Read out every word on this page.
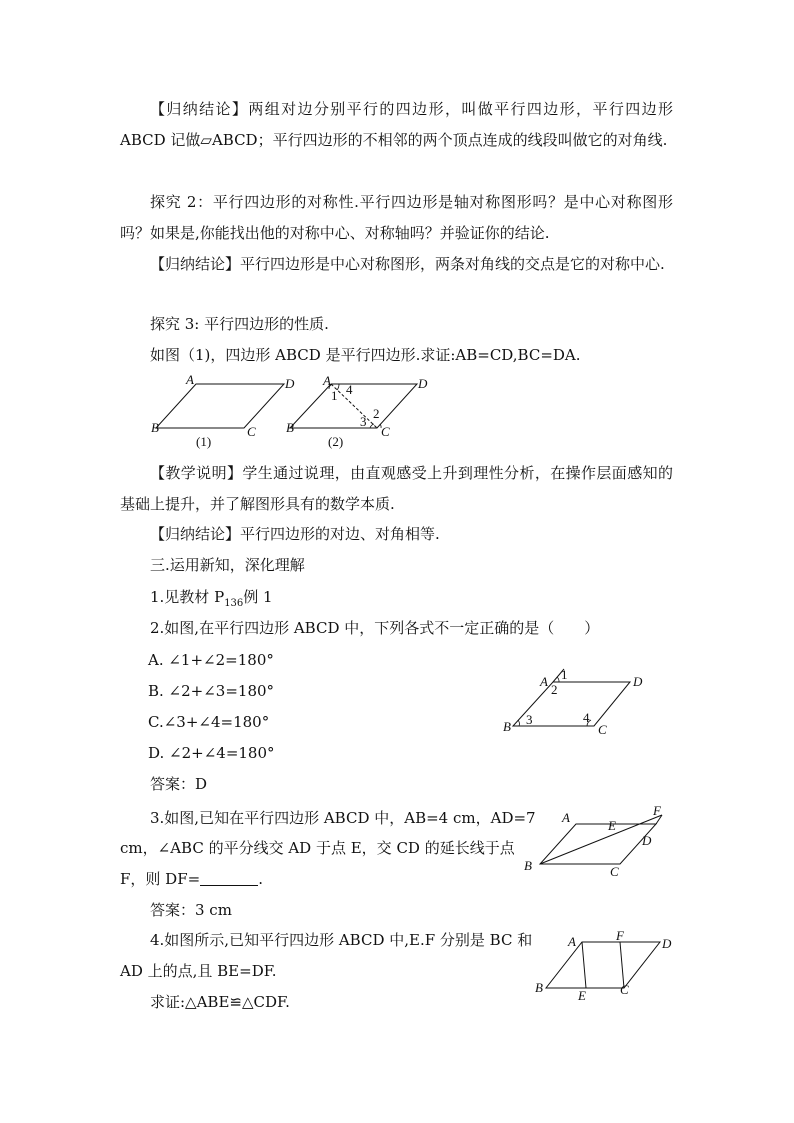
【归纳结论】两组对边分别平行的四边形，叫做平行四边形，平行四边形ABCD 记做▱ABCD；平行四边形的不相邻的两个顶点连成的线段叫做它的对角线.
探究 2：平行四边形的对称性.平行四边形是轴对称图形吗？是中心对称图形吗？如果是,你能找出他的对称中心、对称轴吗？并验证你的结论.
【归纳结论】平行四边形是中心对称图形，两条对角线的交点是它的对称中心.
探究 3: 平行四边形的性质.
如图（1)，四边形 ABCD 是平行四边形.求证:AB=CD,BC=DA.
A	D
B	C
(1)
A	D
B	C
1 4
2
3
(2)
【教学说明】学生通过说理，由直观感受上升到理性分析，在操作层面感知的基础上提升，并了解图形具有的数学本质.
【归纳结论】平行四边形的对边、对角相等.
三.运用新知，深化理解
1.见教材 $P_{136}$例 1
2.如图,在平行四边形 ABCD 中，下列各式不一定正确的是（　　）
A. ∠1+∠2=180°
B. ∠2+∠3=180°
C.∠3+∠4=180°
D. ∠2+∠4=180°
答案：D
A	D
B	C
1
2
3	4
3.如图,已知在平行四边形 ABCD 中，AB=4 cm，AD=7
cm，∠ABC 的平分线交 AD 于点 E，交 CD 的延长线于点
F，则 DF=	.
答案：3 cm
A
E
F
D
B	C
4.如图所示,已知平行四边形 ABCD 中,E.F 分别是 BC 和
AD 上的点,且 BE=DF.
求证:△ABE≌△CDF.
A	F
D
B
E	C
